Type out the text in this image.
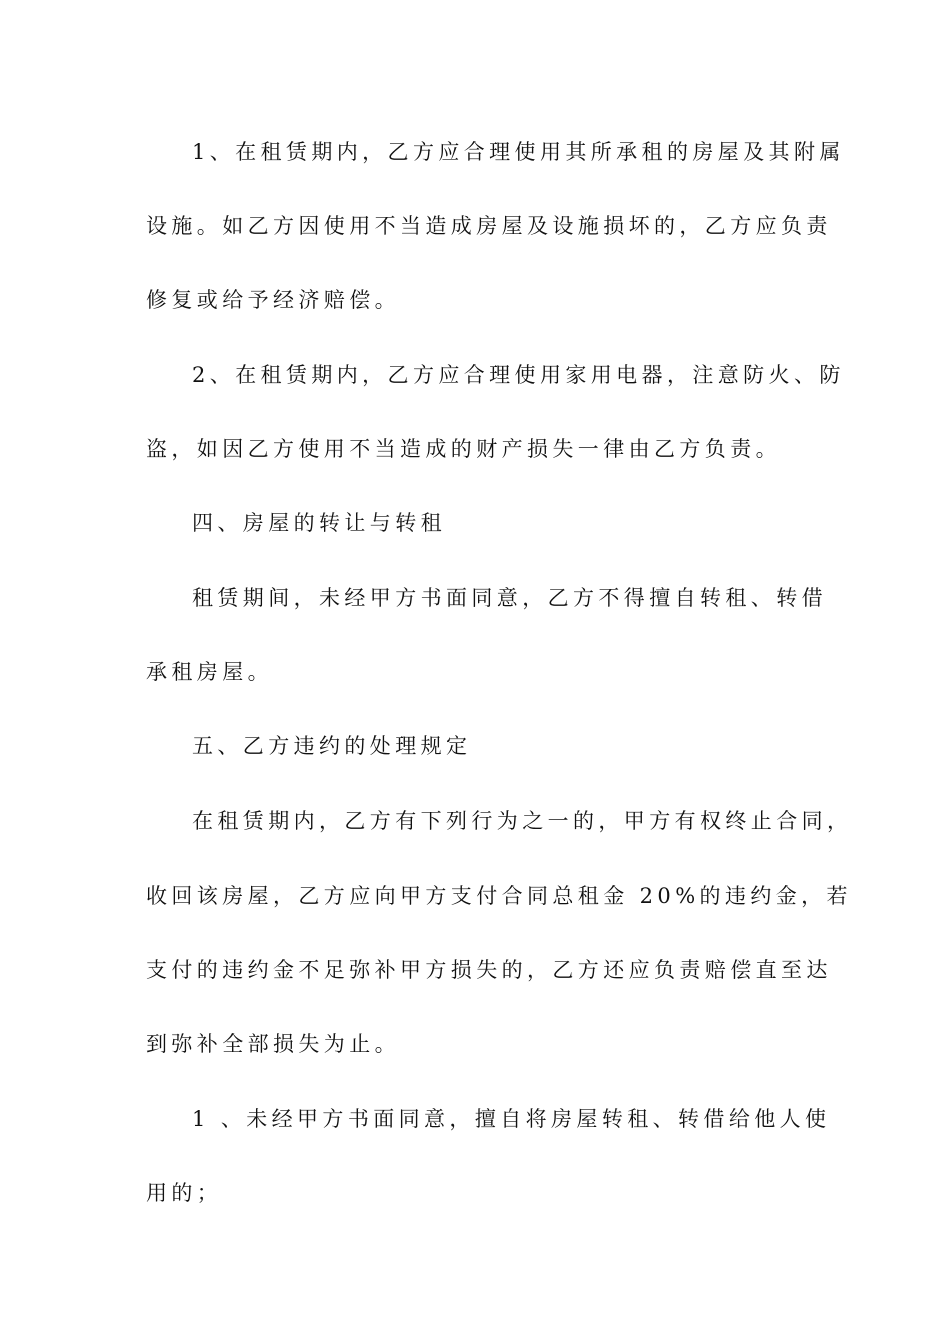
1、在租赁期内，乙方应合理使用其所承租的房屋及其附属
设施。如乙方因使用不当造成房屋及设施损坏的，乙方应负责
修复或给予经济赔偿。
2、在租赁期内，乙方应合理使用家用电器，注意防火、防
盗，如因乙方使用不当造成的财产损失一律由乙方负责。
四、房屋的转让与转租
租赁期间，未经甲方书面同意，乙方不得擅自转租、转借
承租房屋。
五、乙方违约的处理规定
在租赁期内，乙方有下列行为之一的，甲方有权终止合同，
收回该房屋，乙方应向甲方支付合同总租金 20%的违约金，若
支付的违约金不足弥补甲方损失的，乙方还应负责赔偿直至达
到弥补全部损失为止。
1 、未经甲方书面同意，擅自将房屋转租、转借给他人使
用的；
